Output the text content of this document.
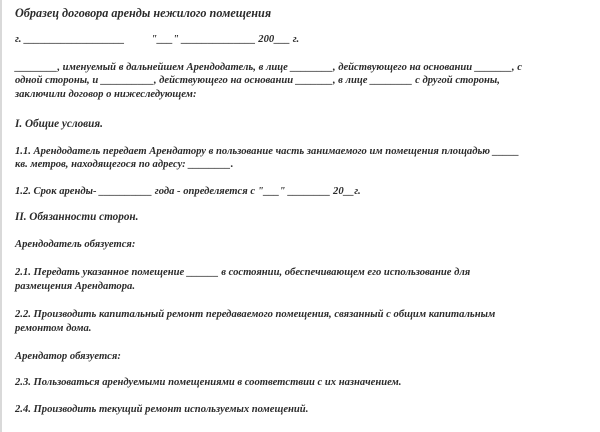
Образец договора аренды нежилого помещения
г. ___________________          "___" ______________ 200___ г.
________, именуемый в дальнейшем Арендодатель, в лице ________, действующего на основании _______, с
одной стороны, и __________, действующего на основании _______, в лице ________ с другой стороны,
заключили договор о нижеследующем:
I. Общие условия.
1.1. Арендодатель передает Арендатору в пользование часть занимаемого им помещения площадью _____
кв. метров, находящегося по адресу: ________.
1.2. Срок аренды- __________ года - определяется с "___" ________ 20__г.
II. Обязанности сторон.
Арендодатель обязуется:
2.1. Передать указанное помещение ______ в состоянии, обеспечивающем его использование для
размещения Арендатора.
2.2. Производить капитальный ремонт передаваемого помещения, связанный с общим капитальным
ремонтом дома.
Арендатор обязуется:
2.3. Пользоваться арендуемыми помещениями в соответствии с их назначением.
2.4. Производить текущий ремонт используемых помещений.
